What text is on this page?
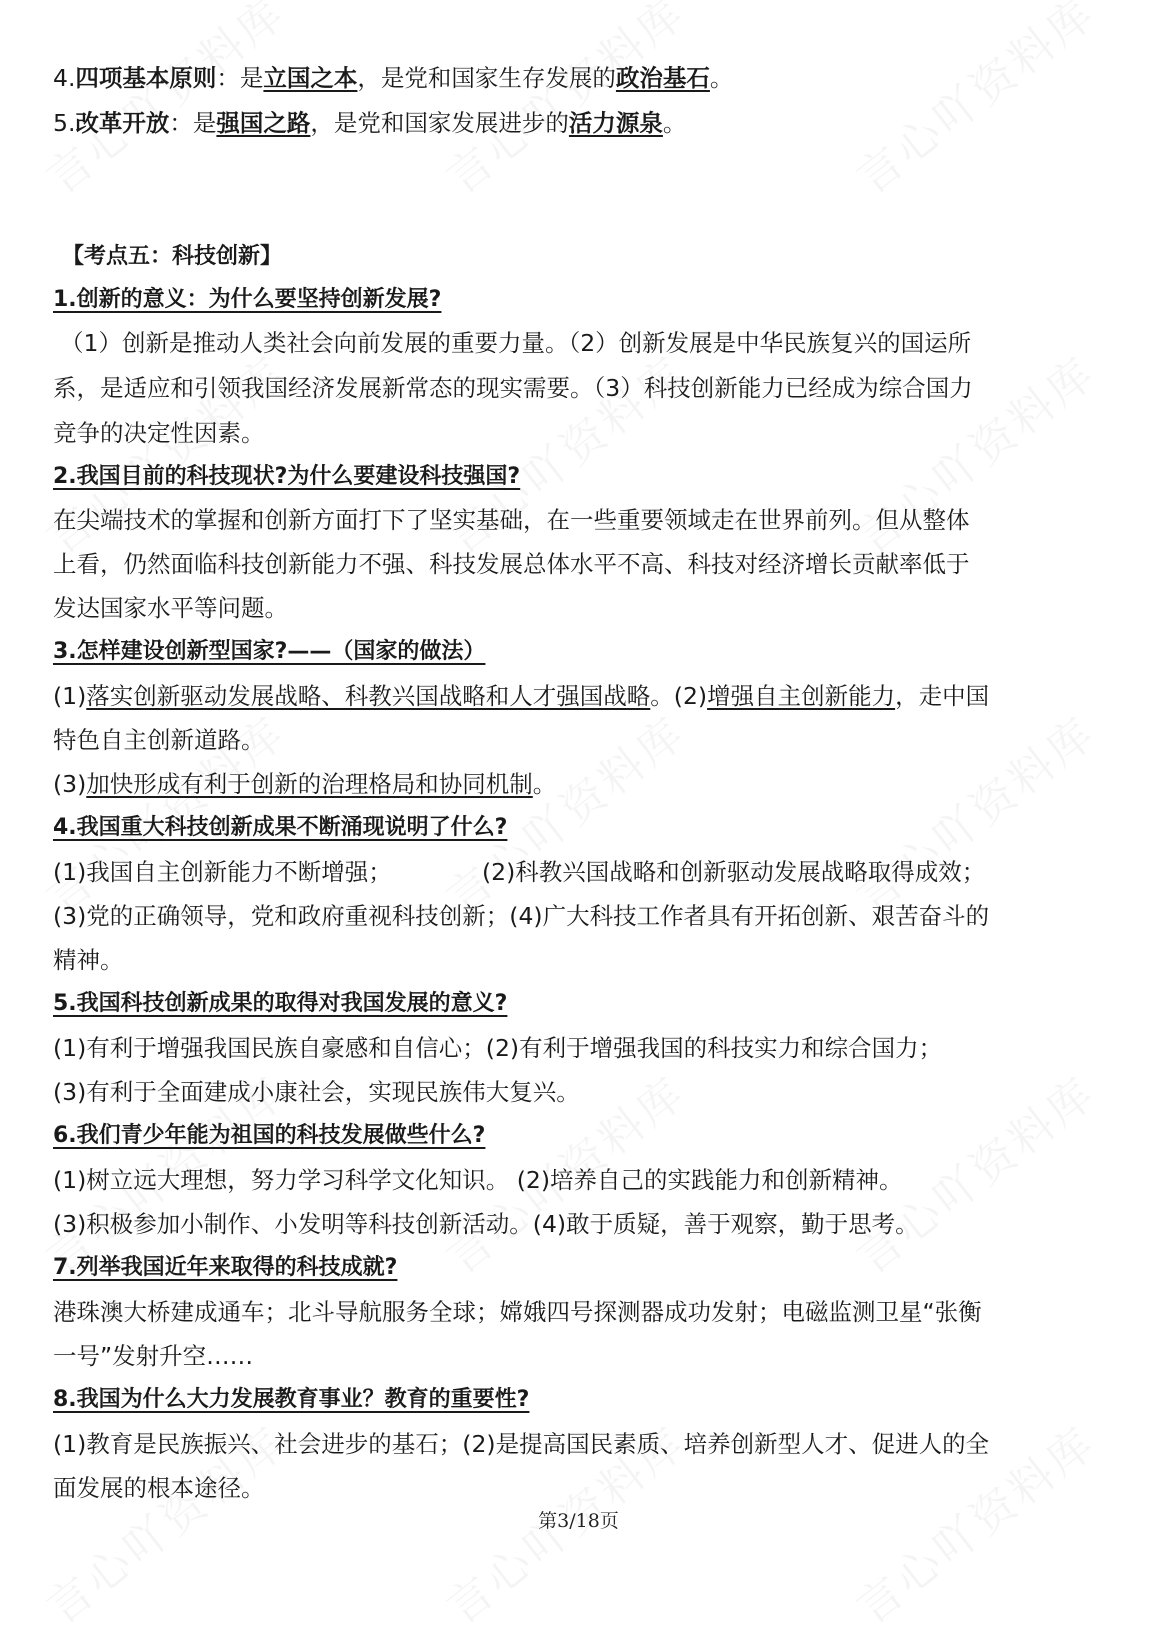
4.四项基本原则：是立国之本，是党和国家生存发展的政治基石。
5.改革开放：是强国之路，是党和国家发展进步的活力源泉。
【考点五：科技创新】
1.创新的意义：为什么要坚持创新发展?
（1）创新是推动人类社会向前发展的重要力量。（2）创新发展是中华民族复兴的国运所
系，是适应和引领我国经济发展新常态的现实需要。（3）科技创新能力已经成为综合国力
竞争的决定性因素。
2.我国目前的科技现状?为什么要建设科技强国?
在尖端技术的掌握和创新方面打下了坚实基础，在一些重要领域走在世界前列。但从整体
上看，仍然面临科技创新能力不强、科技发展总体水平不高、科技对经济增长贡献率低于
发达国家水平等问题。
3.怎样建设创新型国家?——（国家的做法）
(1)落实创新驱动发展战略、科教兴国战略和人才强国战略。(2)增强自主创新能力，走中国
特色自主创新道路。
(3)加快形成有利于创新的治理格局和协同机制。
4.我国重大科技创新成果不断涌现说明了什么?
(1)我国自主创新能力不断增强；	(2)科教兴国战略和创新驱动发展战略取得成效；
(3)党的正确领导，党和政府重视科技创新；(4)广大科技工作者具有开拓创新、艰苦奋斗的
精神。
5.我国科技创新成果的取得对我国发展的意义?
(1)有利于增强我国民族自豪感和自信心；(2)有利于增强我国的科技实力和综合国力；
(3)有利于全面建成小康社会，实现民族伟大复兴。
6.我们青少年能为祖国的科技发展做些什么?
(1)树立远大理想，努力学习科学文化知识。 (2)培养自己的实践能力和创新精神。
(3)积极参加小制作、小发明等科技创新活动。(4)敢于质疑，善于观察，勤于思考。
7.列举我国近年来取得的科技成就?
港珠澳大桥建成通车；北斗导航服务全球；嫦娥四号探测器成功发射；电磁监测卫星“张衡
一号”发射升空……
8.我国为什么大力发展教育事业？教育的重要性?
(1)教育是民族振兴、社会进步的基石；(2)是提高国民素质、培养创新型人才、促进人的全
面发展的根本途径。
第3/18页
